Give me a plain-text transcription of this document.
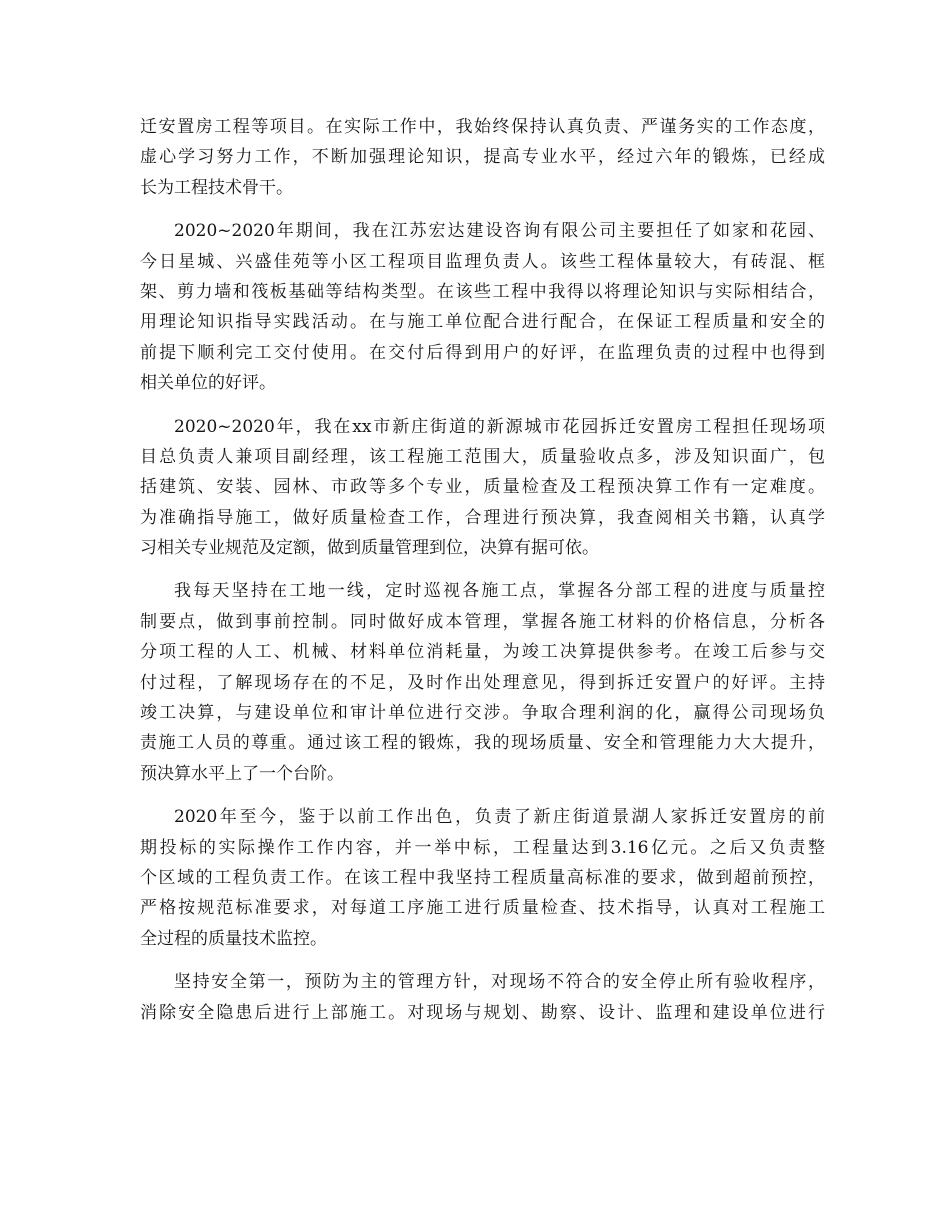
迁安置房工程等项目。在实际工作中，我始终保持认真负责、严谨务实的工作态度，
虚心学习努力工作，不断加强理论知识，提高专业水平，经过六年的锻炼，已经成
长为工程技术骨干。
2020~2020年期间，我在江苏宏达建设咨询有限公司主要担任了如家和花园、
今日星城、兴盛佳苑等小区工程项目监理负责人。该些工程体量较大，有砖混、框
架、剪力墙和筏板基础等结构类型。在该些工程中我得以将理论知识与实际相结合，
用理论知识指导实践活动。在与施工单位配合进行配合，在保证工程质量和安全的
前提下顺利完工交付使用。在交付后得到用户的好评，在监理负责的过程中也得到
相关单位的好评。
2020~2020年，我在xx市新庄街道的新源城市花园拆迁安置房工程担任现场项
目总负责人兼项目副经理，该工程施工范围大，质量验收点多，涉及知识面广，包
括建筑、安装、园林、市政等多个专业，质量检查及工程预决算工作有一定难度。
为准确指导施工，做好质量检查工作，合理进行预决算，我查阅相关书籍，认真学
习相关专业规范及定额，做到质量管理到位，决算有据可依。
我每天坚持在工地一线，定时巡视各施工点，掌握各分部工程的进度与质量控
制要点，做到事前控制。同时做好成本管理，掌握各施工材料的价格信息，分析各
分项工程的人工、机械、材料单位消耗量，为竣工决算提供参考。在竣工后参与交
付过程，了解现场存在的不足，及时作出处理意见，得到拆迁安置户的好评。主持
竣工决算，与建设单位和审计单位进行交涉。争取合理利润的化，赢得公司现场负
责施工人员的尊重。通过该工程的锻炼，我的现场质量、安全和管理能力大大提升，
预决算水平上了一个台阶。
2020年至今，鉴于以前工作出色，负责了新庄街道景湖人家拆迁安置房的前
期投标的实际操作工作内容，并一举中标，工程量达到3.16亿元。之后又负责整
个区域的工程负责工作。在该工程中我坚持工程质量高标准的要求，做到超前预控，
严格按规范标准要求，对每道工序施工进行质量检查、技术指导，认真对工程施工
全过程的质量技术监控。
坚持安全第一，预防为主的管理方针，对现场不符合的安全停止所有验收程序，
消除安全隐患后进行上部施工。对现场与规划、勘察、设计、监理和建设单位进行
